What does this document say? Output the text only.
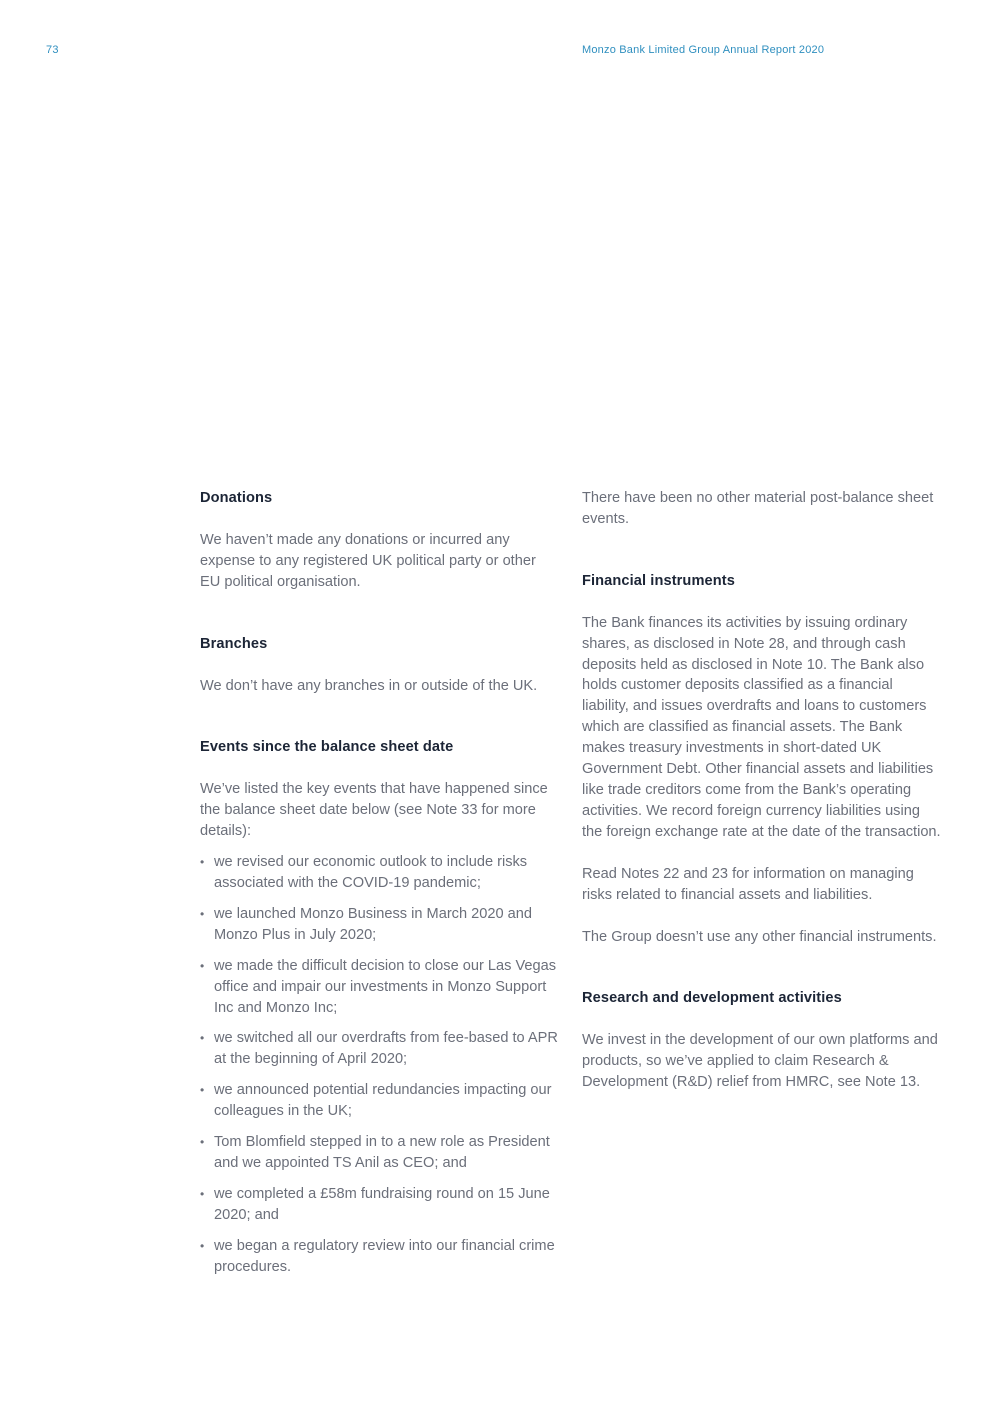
73	Monzo Bank Limited Group Annual Report 2020
Donations

We haven’t made any donations or incurred any expense to any registered UK political party or other EU political organisation.

Branches

We don’t have any branches in or outside of the UK.

Events since the balance sheet date

We’ve listed the key events that have happened since the balance sheet date below (see Note 33 for more details):

• we revised our economic outlook to include risks associated with the COVID-19 pandemic;
• we launched Monzo Business in March 2020 and Monzo Plus in July 2020;
• we made the difficult decision to close our Las Vegas office and impair our investments in Monzo Support Inc and Monzo Inc;
• we switched all our overdrafts from fee-based to APR at the beginning of April 2020;
• we announced potential redundancies impacting our colleagues in the UK;
• Tom Blomfield stepped in to a new role as President and we appointed TS Anil as CEO; and
• we completed a £58m fundraising round on 15 June 2020; and
• we began a regulatory review into our financial crime procedures.

There have been no other material post-balance sheet events.

Financial instruments

The Bank finances its activities by issuing ordinary shares, as disclosed in Note 28, and through cash deposits held as disclosed in Note 10. The Bank also holds customer deposits classified as a financial liability, and issues overdrafts and loans to customers which are classified as financial assets. The Bank makes treasury investments in short-dated UK Government Debt. Other financial assets and liabilities like trade creditors come from the Bank’s operating activities. We record foreign currency liabilities using the foreign exchange rate at the date of the transaction.

Read Notes 22 and 23 for information on managing risks related to financial assets and liabilities.

The Group doesn’t use any other financial instruments.

Research and development activities

We invest in the development of our own platforms and products, so we’ve applied to claim Research & Development (R&D) relief from HMRC, see Note 13.
